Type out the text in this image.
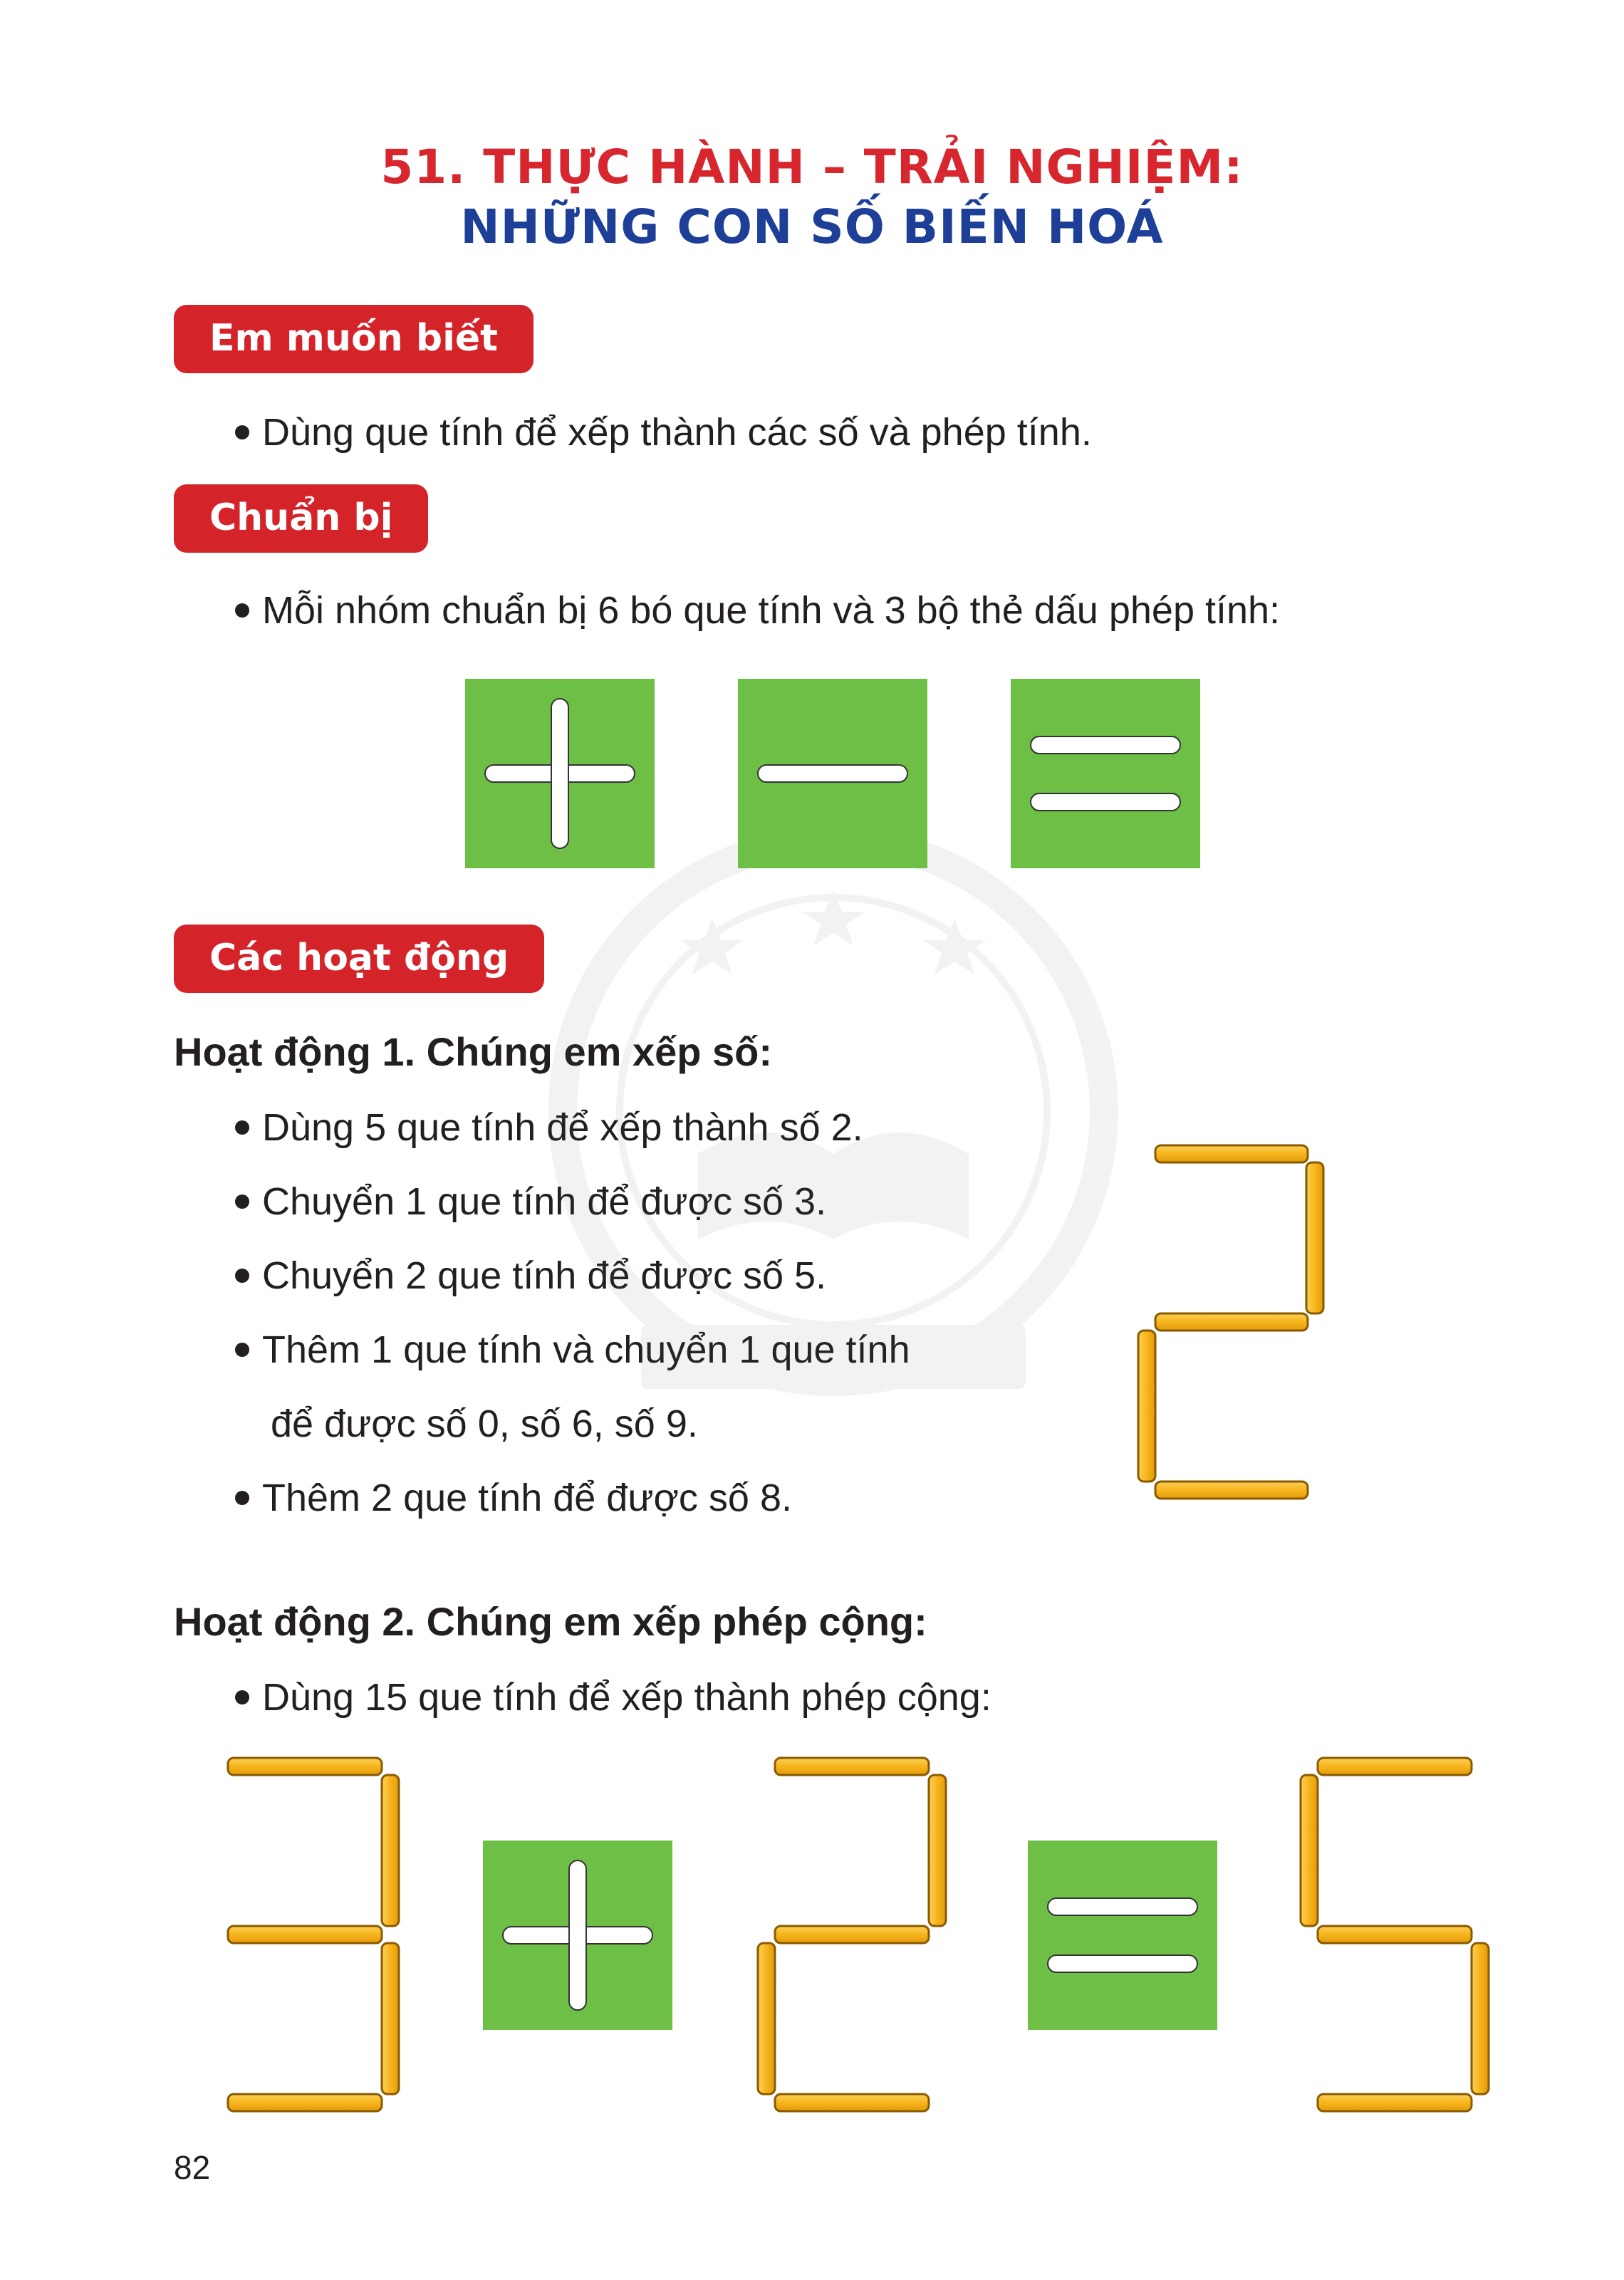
51. THỰC HÀNH – TRẢI NGHIỆM:
NHỮNG CON SỐ BIẾN HOÁ
Em muốn biết
Dùng que tính để xếp thành các số và phép tính.
Chuẩn bị
Mỗi nhóm chuẩn bị 6 bó que tính và 3 bộ thẻ dấu phép tính:
Các hoạt động
Hoạt động 1. Chúng em xếp số:
Dùng 5 que tính để xếp thành số 2.
Chuyển 1 que tính để được số 3.
Chuyển 2 que tính để được số 5.
Thêm 1 que tính và chuyển 1 que tính
để được số 0, số 6, số 9.
Thêm 2 que tính để được số 8.
Hoạt động 2. Chúng em xếp phép cộng:
Dùng 15 que tính để xếp thành phép cộng:
82
